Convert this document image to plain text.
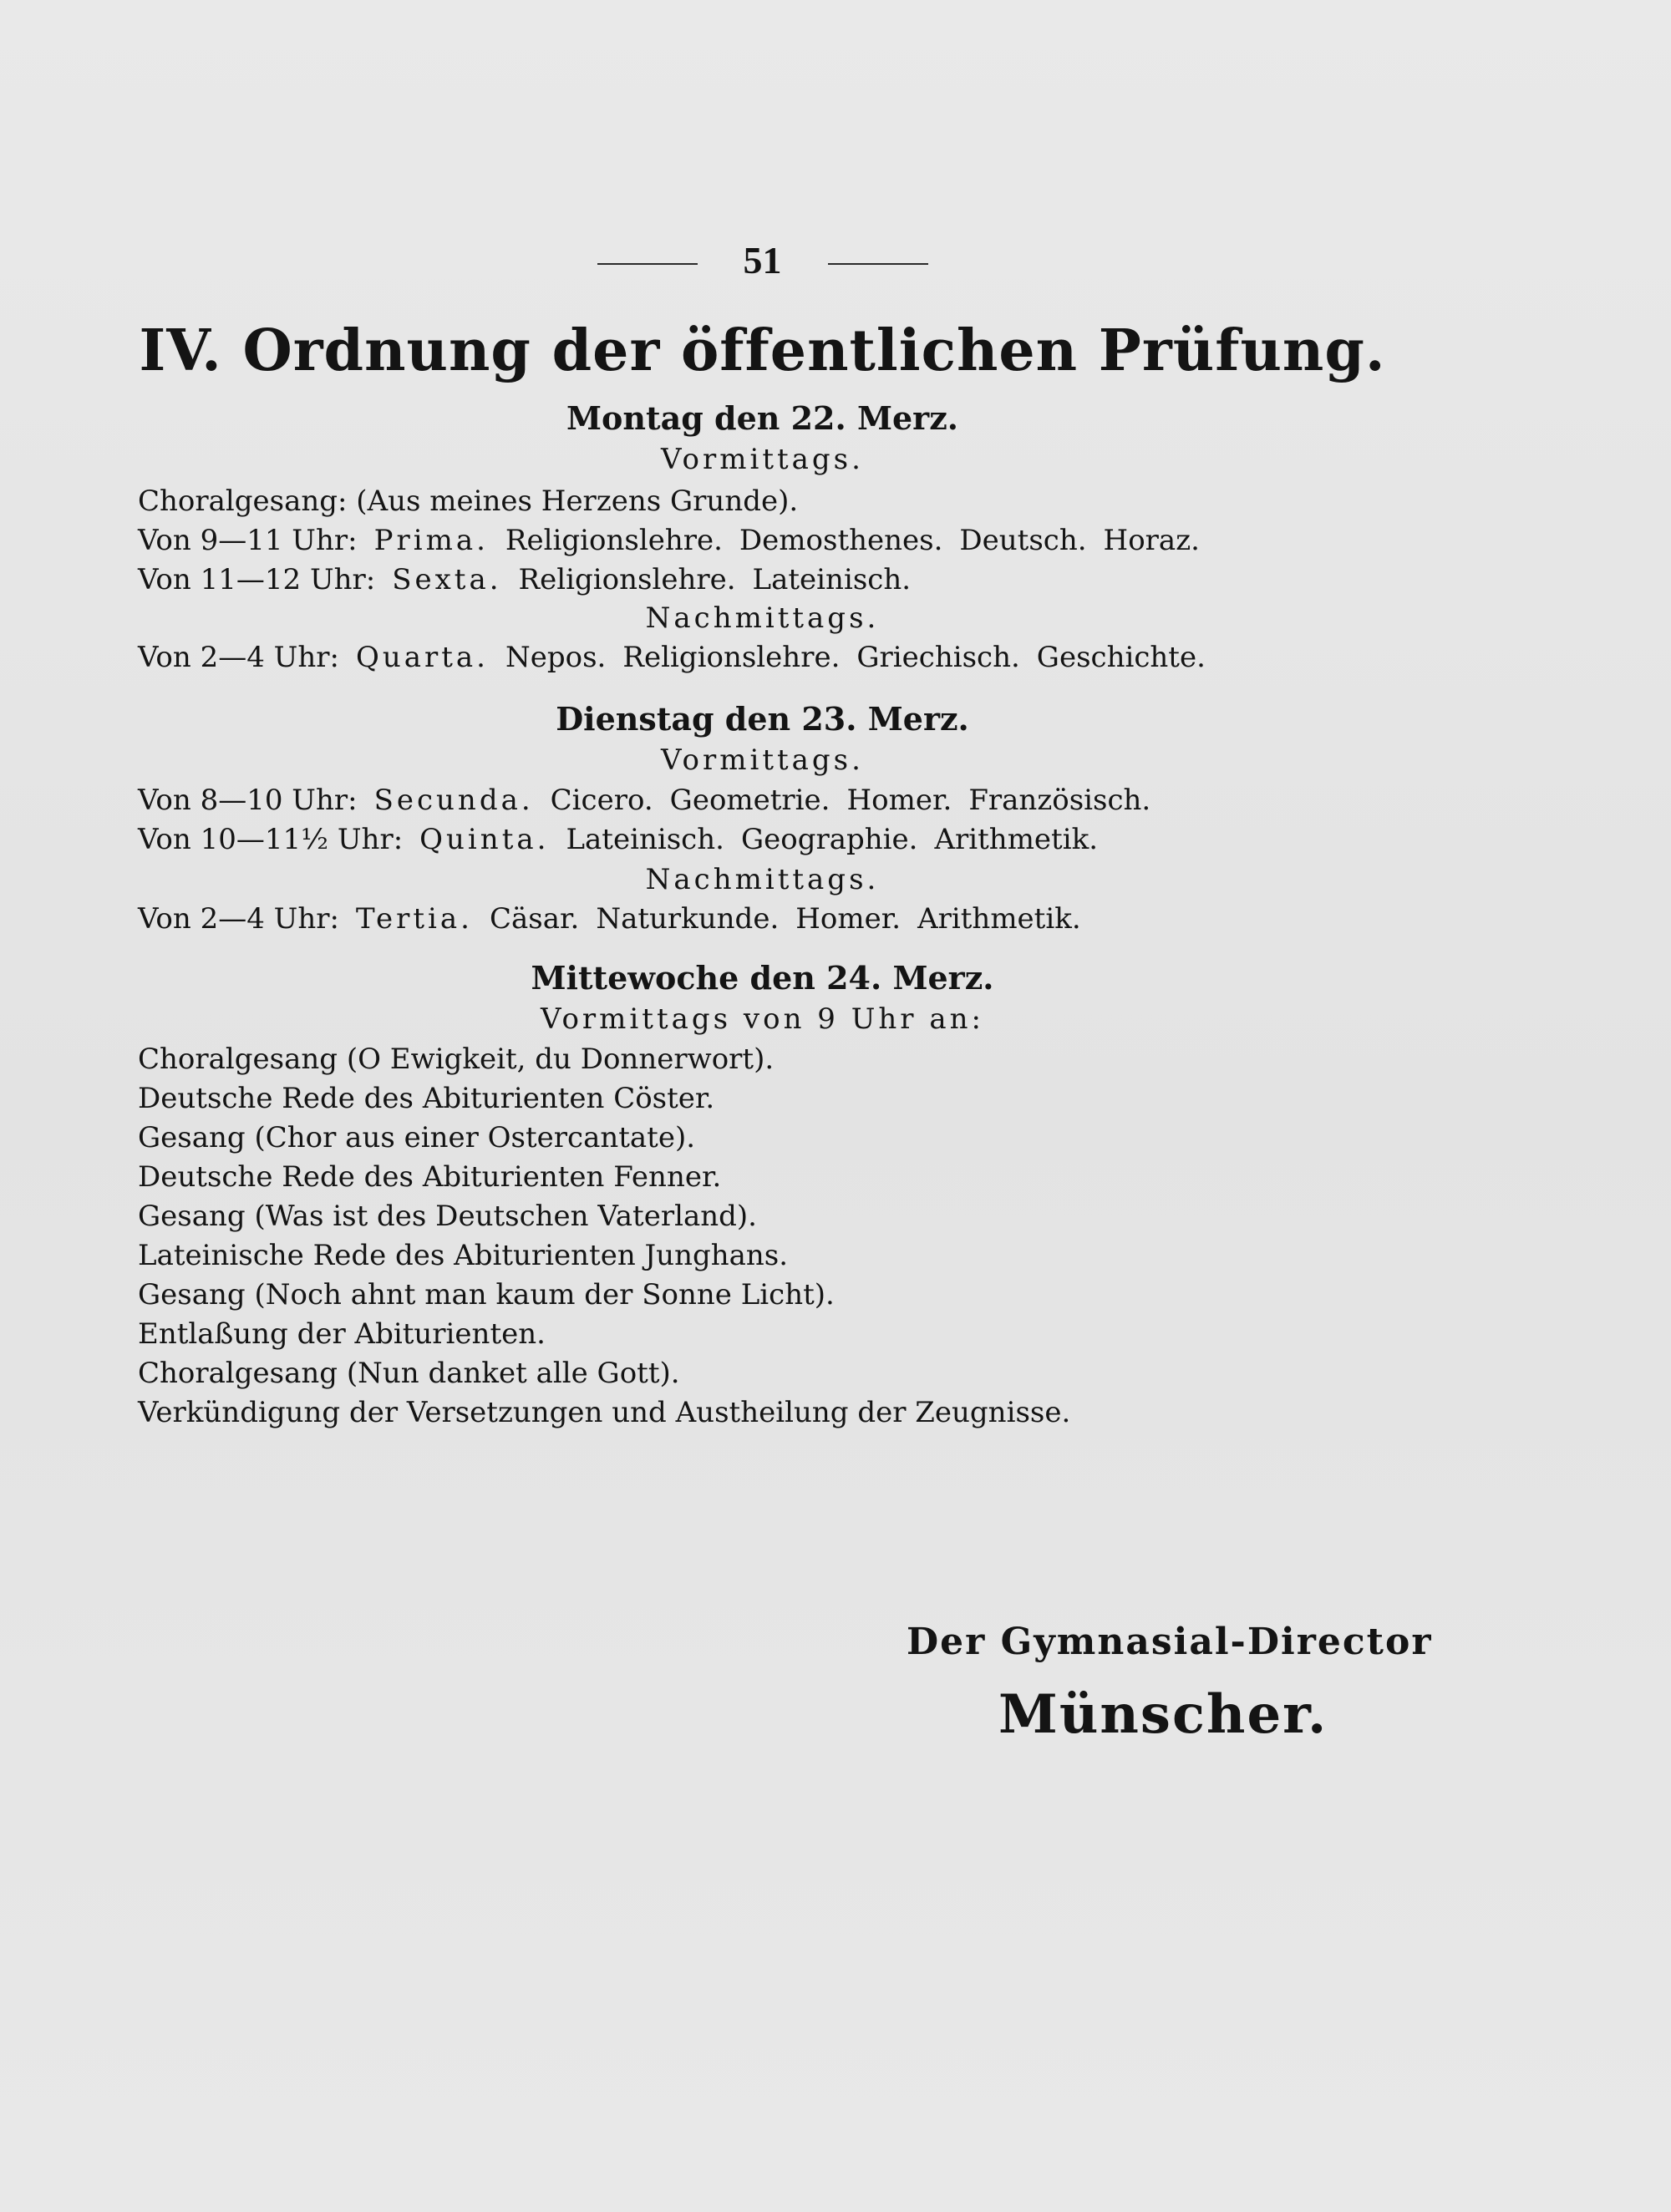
51
IV. Ordnung der öffentlichen Prüfung.
Montag den 22. Merz.
Vormittags.
Choralgesang: (Aus meines Herzens Grunde).
Von 9—11 Uhr: Prima. Religionslehre. Demosthenes. Deutsch. Horaz.
Von 11—12 Uhr: Sexta. Religionslehre. Lateinisch.
Nachmittags.
Von 2—4 Uhr: Quarta. Nepos. Religionslehre. Griechisch. Geschichte.
Dienstag den 23. Merz.
Vormittags.
Von 8—10 Uhr: Secunda. Cicero. Geometrie. Homer. Französisch.
Von 10—11½ Uhr: Quinta. Lateinisch. Geographie. Arithmetik.
Nachmittags.
Von 2—4 Uhr: Tertia. Cäsar. Naturkunde. Homer. Arithmetik.
Mittewoche den 24. Merz.
Vormittags von 9 Uhr an:
Choralgesang (O Ewigkeit, du Donnerwort).
Deutsche Rede des Abiturienten Cöster.
Gesang (Chor aus einer Ostercantate).
Deutsche Rede des Abiturienten Fenner.
Gesang (Was ist des Deutschen Vaterland).
Lateinische Rede des Abiturienten Junghans.
Gesang (Noch ahnt man kaum der Sonne Licht).
Entlaßung der Abiturienten.
Choralgesang (Nun danket alle Gott).
Verkündigung der Versetzungen und Austheilung der Zeugnisse.
Der Gymnasial-Director
Münscher.
